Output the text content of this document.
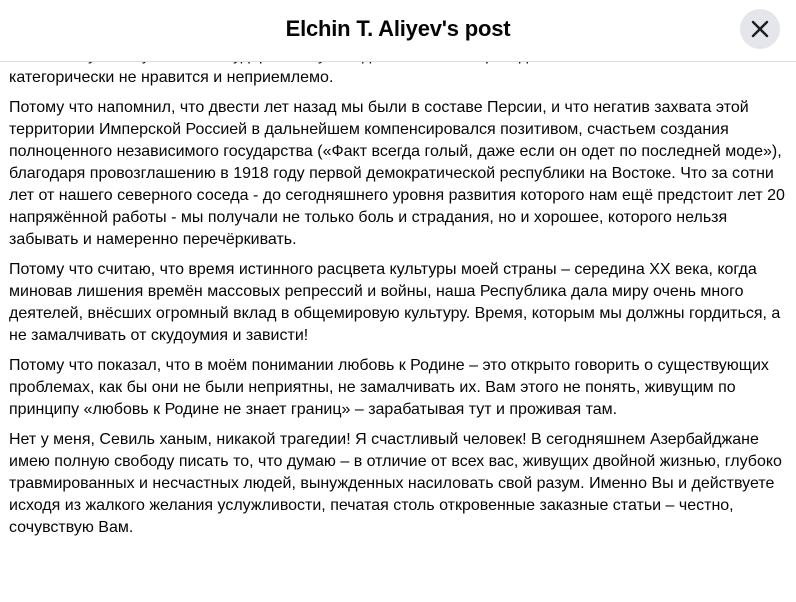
Elchin T. Aliyev's post

категорически не нравится и неприемлемо.

Потому что напомнил, что двести лет назад мы были в составе Персии, и что негатив захвата этой территории Имперской Россией в дальнейшем компенсировался позитивом, счастьем создания полноценного независимого государства («Факт всегда голый, даже если он одет по последней моде»), благодаря провозглашению в 1918 году первой демократической республики на Востоке. Что за сотни лет от нашего северного соседа - до сегодняшнего уровня развития которого нам ещё предстоит лет 20 напряжённой работы - мы получали не только боль и страдания, но и хорошее, которого нельзя забывать и намеренно перечёркивать.

Потому что считаю, что время истинного расцвета культуры моей страны – середина XX века, когда миновав лишения времён массовых репрессий и войны, наша Республика дала миру очень много деятелей, внёсших огромный вклад в общемировую культуру. Время, которым мы должны гордиться, а не замалчивать от скудоумия и зависти!

Потому что показал, что в моём понимании любовь к Родине – это открыто говорить о существующих проблемах, как бы они не были неприятны, не замалчивать их. Вам этого не понять, живущим по принципу «любовь к Родине не знает границ» – зарабатывая тут и проживая там.

Нет у меня, Севиль ханым, никакой трагедии! Я счастливый человек! В сегодняшнем Азербайджане имею полную свободу писать то, что думаю – в отличие от всех вас, живущих двойной жизнью, глубоко травмированных и несчастных людей, вынужденных насиловать свой разум. Именно Вы и действуете исходя из жалкого желания услужливости, печатая столь откровенные заказные статьи – честно, сочувствую Вам.
